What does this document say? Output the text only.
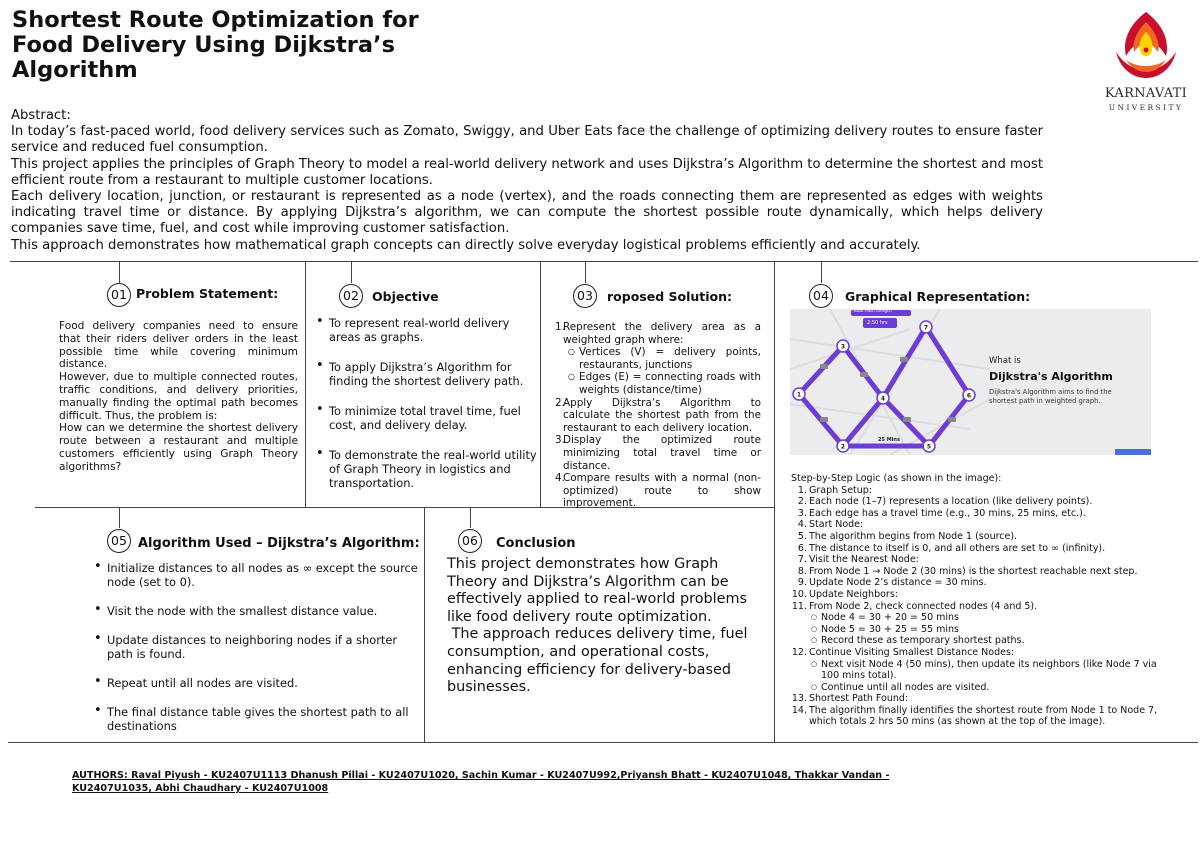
Shortest Route Optimization for
Food Delivery Using Dijkstra’s
Algorithm
KARNAVATI
UNIVERSITY

Abstract:

In today’s fast-paced world, food delivery services such as Zomato, Swiggy, and Uber Eats face the challenge of optimizing delivery routes to ensure faster service and reduced fuel consumption.

This project applies the principles of Graph Theory to model a real-world delivery network and uses Dijkstra’s Algorithm to determine the shortest and most efficient route from a restaurant to multiple customer locations.

Each delivery location, junction, or restaurant is represented as a node (vertex), and the roads connecting them are represented as edges with weights indicating travel time or distance. By applying Dijkstra’s algorithm, we can compute the shortest possible route dynamically, which helps delivery companies save time, fuel, and cost while improving customer satisfaction.

This approach demonstrates how mathematical graph concepts can directly solve everyday logistical problems efficiently and accurately.

01 Problem Statement:

Food delivery companies need to ensure that their riders deliver orders in the least possible time while covering minimum distance.

However, due to multiple connected routes, traffic conditions, and delivery priorities, manually finding the optimal path becomes difficult. Thus, the problem is:

How can we determine the shortest delivery route between a restaurant and multiple customers efficiently using Graph Theory algorithms?

02	Objective
• To represent real-world delivery areas as graphs.
• To apply Dijkstra’s Algorithm for finding the shortest delivery path.
• To minimize total travel time, fuel cost, and delivery delay.
• To demonstrate the real-world utility of Graph Theory in logistics and transportation.
03	roposed Solution:
1.
Represent the delivery area as a weighted graph where:
○ Vertices (V) = delivery points, restaurants, junctions
○ Edges (E) = connecting roads with weights (distance/time)
2.
Apply Dijkstra’s Algorithm to calculate the shortest path from the restaurant to each delivery location.
3.
Display the optimized route minimizing total travel time or distance.
4.
Compare results with a normal (non-optimized) route to show improvement.
04	Graphical Representation:
1
2
3
4
5
6
7
Total Path Length
2:50 hrs
25 Mins
What is
Dijkstra's Algorithm
Dijkstra's Algorithm aims to find the shortest path in weighted graph.
Step-by-Step Logic (as shown in the image):
1. Graph Setup:
2. Each node (1–7) represents a location (like delivery points).
3. Each edge has a travel time (e.g., 30 mins, 25 mins, etc.).
4. Start Node:
5. The algorithm begins from Node 1 (source).
6. The distance to itself is 0, and all others are set to ∞ (infinity).
7. Visit the Nearest Node:
8. From Node 1 → Node 2 (30 mins) is the shortest reachable next step.
9. Update Node 2’s distance = 30 mins.
10. Update Neighbors:
11. From Node 2, check connected nodes (4 and 5).
○ Node 4 = 30 + 20 = 50 mins
○ Node 5 = 30 + 25 = 55 mins
○ Record these as temporary shortest paths.
12. Continue Visiting Smallest Distance Nodes:
○ Next visit Node 4 (50 mins), then update its neighbors (like Node 7 via
100 mins total).
○ Continue until all nodes are visited.
13. Shortest Path Found:
14. The algorithm finally identifies the shortest route from Node 1 to Node 7,
which totals 2 hrs 50 mins (as shown at the top of the image).
05 Algorithm Used – Dijkstra’s Algorithm:
• Initialize distances to all nodes as ∞ except the source node (set to 0).
• Visit the node with the smallest distance value.
• Update distances to neighboring nodes if a shorter path is found.
• Repeat until all nodes are visited.
• The final distance table gives the shortest path to all destinations
06	Conclusion

This project demonstrates how Graph Theory and Dijkstra’s Algorithm can be effectively applied to real-world problems like food delivery route optimization.

The approach reduces delivery time, fuel consumption, and operational costs, enhancing efficiency for delivery-based businesses.

AUTHORS: Raval Piyush - KU2407U1113 Dhanush Pillai - KU2407U1020, Sachin Kumar - KU2407U992,Priyansh Bhatt - KU2407U1048, Thakkar Vandan - KU2407U1035, Abhi Chaudhary - KU2407U1008
